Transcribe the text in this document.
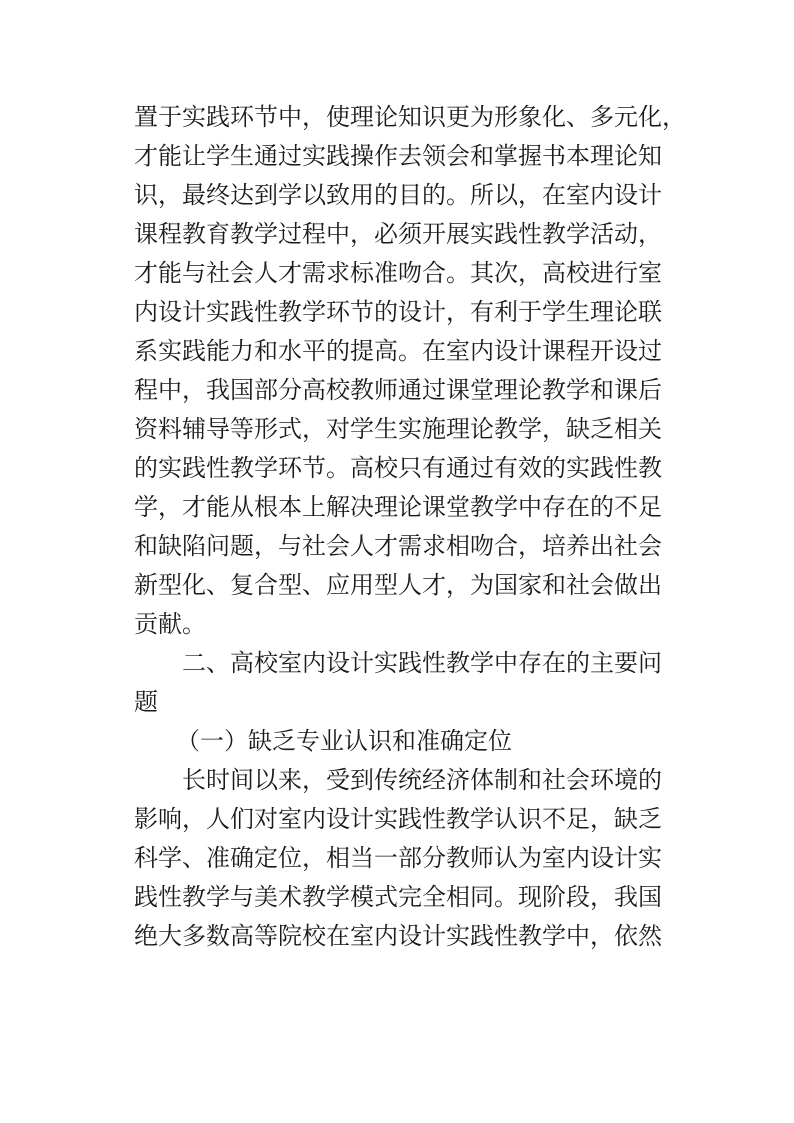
置于实践环节中，使理论知识更为形象化、多元化，
才能让学生通过实践操作去领会和掌握书本理论知
识，最终达到学以致用的目的。所以，在室内设计
课程教育教学过程中，必须开展实践性教学活动，
才能与社会人才需求标准吻合。其次，高校进行室
内设计实践性教学环节的设计，有利于学生理论联
系实践能力和水平的提高。在室内设计课程开设过
程中，我国部分高校教师通过课堂理论教学和课后
资料辅导等形式，对学生实施理论教学，缺乏相关
的实践性教学环节。高校只有通过有效的实践性教
学，才能从根本上解决理论课堂教学中存在的不足
和缺陷问题，与社会人才需求相吻合，培养出社会
新型化、复合型、应用型人才，为国家和社会做出
贡献。
二、高校室内设计实践性教学中存在的主要问
题
（一）缺乏专业认识和准确定位
长时间以来，受到传统经济体制和社会环境的
影响，人们对室内设计实践性教学认识不足，缺乏
科学、准确定位，相当一部分教师认为室内设计实
践性教学与美术教学模式完全相同。现阶段，我国
绝大多数高等院校在室内设计实践性教学中，依然
